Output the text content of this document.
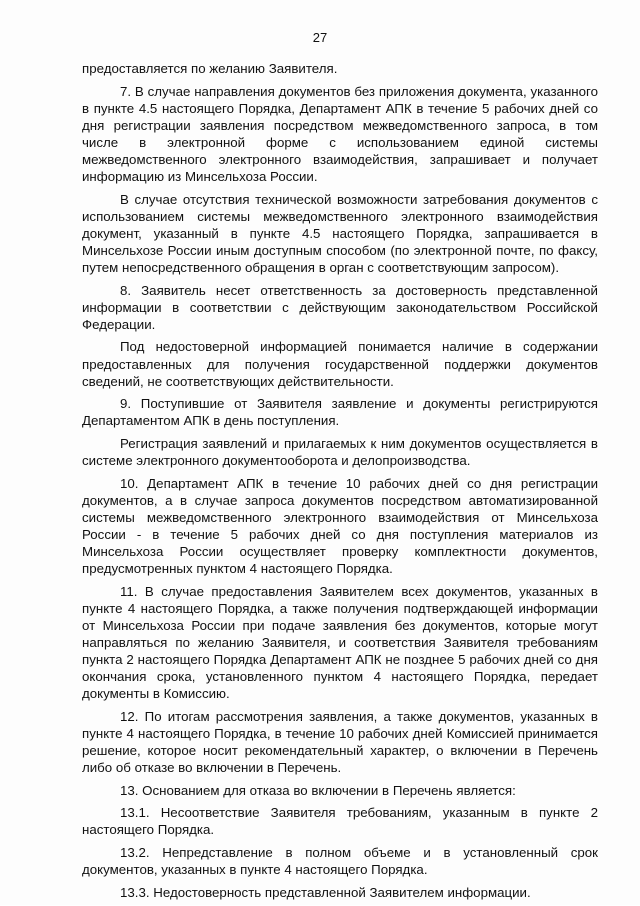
27

предоставляется по желанию Заявителя.

7. В случае направления документов без приложения документа, указанного в пункте 4.5 настоящего Порядка, Департамент АПК в течение 5 рабочих дней со дня регистрации заявления посредством межведомственного запроса, в том числе в электронной форме с использованием единой системы межведомственного электронного взаимодействия, запрашивает и получает информацию из Минсельхоза России.

В случае отсутствия технической возможности затребования документов с использованием системы межведомственного электронного взаимодействия документ, указанный в пункте 4.5 настоящего Порядка, запрашивается в Минсельхозе России иным доступным способом (по электронной почте, по факсу, путем непосредственного обращения в орган с соответствующим запросом).

8. Заявитель несет ответственность за достоверность представленной информации в соответствии с действующим законодательством Российской Федерации.

Под недостоверной информацией понимается наличие в содержании предоставленных для получения государственной поддержки документов сведений, не соответствующих действительности.

9. Поступившие от Заявителя заявление и документы регистрируются Департаментом АПК в день поступления.

Регистрация заявлений и прилагаемых к ним документов осуществляется в системе электронного документооборота и делопроизводства.

10. Департамент АПК в течение 10 рабочих дней со дня регистрации документов, а в случае запроса документов посредством автоматизированной системы межведомственного электронного взаимодействия от Минсельхоза России - в течение 5 рабочих дней со дня поступления материалов из Минсельхоза России осуществляет проверку комплектности документов, предусмотренных пунктом 4 настоящего Порядка.

11. В случае предоставления Заявителем всех документов, указанных в пункте 4 настоящего Порядка, а также получения подтверждающей информации от Минсельхоза России при подаче заявления без документов, которые могут направляться по желанию Заявителя, и соответствия Заявителя требованиям пункта 2 настоящего Порядка Департамент АПК не позднее 5 рабочих дней со дня окончания срока, установленного пунктом 4 настоящего Порядка, передает документы в Комиссию.

12. По итогам рассмотрения заявления, а также документов, указанных в пункте 4 настоящего Порядка, в течение 10 рабочих дней Комиссией принимается решение, которое носит рекомендательный характер, о включении в Перечень либо об отказе во включении в Перечень.

13. Основанием для отказа во включении в Перечень является:

13.1. Несоответствие Заявителя требованиям, указанным в пункте 2 настоящего Порядка.

13.2. Непредставление в полном объеме и в установленный срок документов, указанных в пункте 4 настоящего Порядка.

13.3. Недостоверность представленной Заявителем информации.
